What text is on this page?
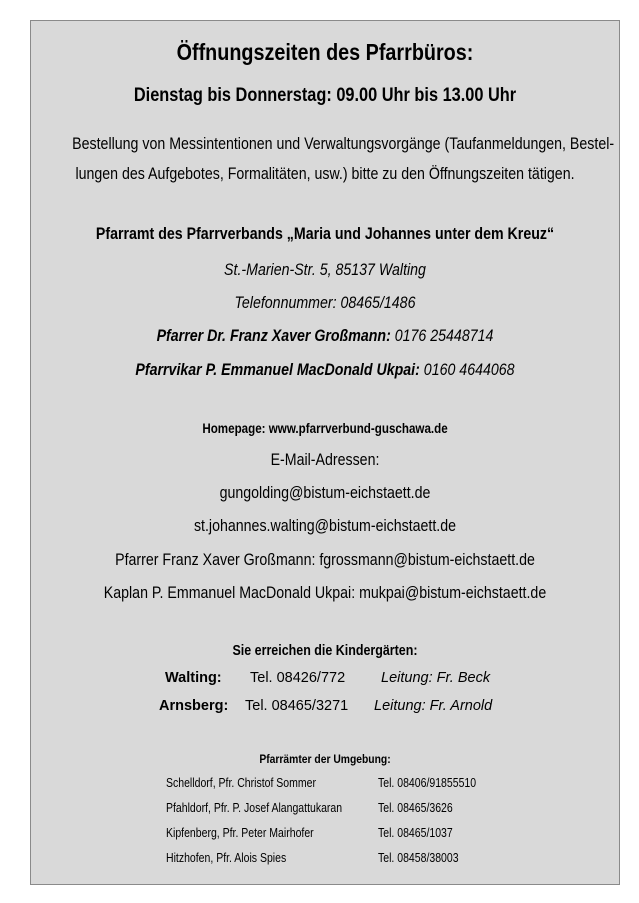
Öffnungszeiten des Pfarrbüros:
Dienstag bis Donnerstag: 09.00 Uhr bis 13.00 Uhr
Bestellung von Messintentionen und Verwaltungsvorgänge (Taufanmeldungen, Bestel-
lungen des Aufgebotes, Formalitäten, usw.) bitte zu den Öffnungszeiten tätigen.
Pfarramt des Pfarrverbands „Maria und Johannes unter dem Kreuz“
St.-Marien-Str. 5, 85137 Walting
Telefonnummer: 08465/1486
Pfarrer Dr. Franz Xaver Großmann: 0176 25448714
Pfarrvikar P. Emmanuel MacDonald Ukpai: 0160 4644068
Homepage: www.pfarrverbund-guschawa.de
E-Mail-Adressen:
gungolding@bistum-eichstaett.de
st.johannes.walting@bistum-eichstaett.de
Pfarrer Franz Xaver Großmann: fgrossmann@bistum-eichstaett.de
Kaplan P. Emmanuel MacDonald Ukpai: mukpai@bistum-eichstaett.de
Sie erreichen die Kindergärten:
Walting: Tel. 08426/772 Leitung: Fr. Beck
Arnsberg: Tel. 08465/3271 Leitung: Fr. Arnold
Pfarrämter der Umgebung:
Schelldorf, Pfr. Christof Sommer	Tel. 08406/91855510
Pfahldorf, Pfr. P. Josef Alangattukaran	Tel. 08465/3626
Kipfenberg, Pfr. Peter Mairhofer	Tel. 08465/1037
Hitzhofen, Pfr. Alois Spies	Tel. 08458/38003
